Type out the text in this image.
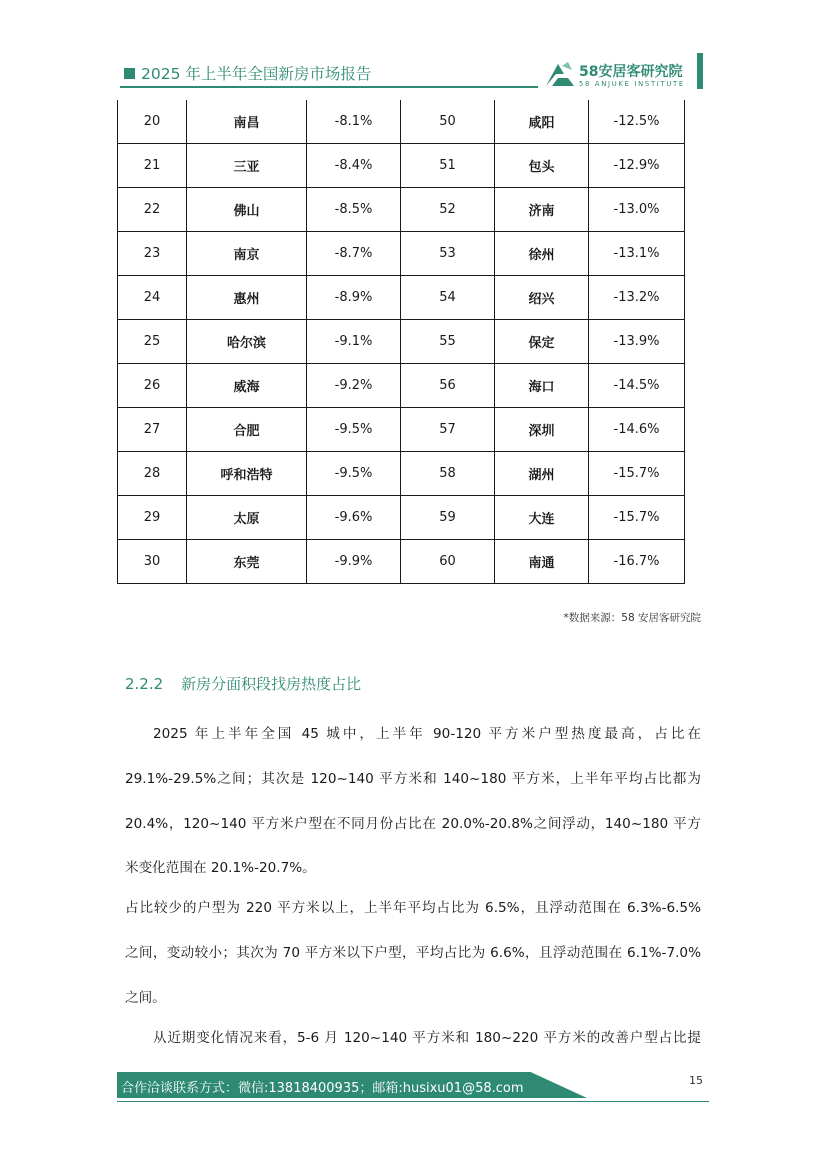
2025 年上半年全国新房市场报告	58安居客研究院
58 ANJUKE INSTITUTE
20	南昌	-8.1%	50	咸阳	-12.5%
21	三亚	-8.4%	51	包头	-12.9%
22	佛山	-8.5%	52	济南	-13.0%
23	南京	-8.7%	53	徐州	-13.1%
24	惠州	-8.9%	54	绍兴	-13.2%
25	哈尔滨	-9.1%	55	保定	-13.9%
26	威海	-9.2%	56	海口	-14.5%
27	合肥	-9.5%	57	深圳	-14.6%
28	呼和浩特	-9.5%	58	湖州	-15.7%
29	太原	-9.6%	59	大连	-15.7%
30	东莞	-9.9%	60	南通	-16.7%
*数据来源：58 安居客研究院
2.2.2 新房分面积段找房热度占比
2025 年上半年全国 45 城中，上半年 90-120 平方米户型热度最高，占比在
29.1%-29.5%之间；其次是 120~140 平方米和 140~180 平方米，上半年平均占比都为
20.4%，120~140 平方米户型在不同月份占比在 20.0%-20.8%之间浮动，140~180 平方
米变化范围在 20.1%-20.7%。
占比较少的户型为 220 平方米以上，上半年平均占比为 6.5%，且浮动范围在 6.3%-6.5%
之间，变动较小；其次为 70 平方米以下户型，平均占比为 6.6%，且浮动范围在 6.1%-7.0%
之间。
从近期变化情况来看，5-6 月 120~140 平方米和 180~220 平方米的改善户型占比提
合作洽谈联系方式：微信:13818400935；邮箱:husixu01@58.com
15
